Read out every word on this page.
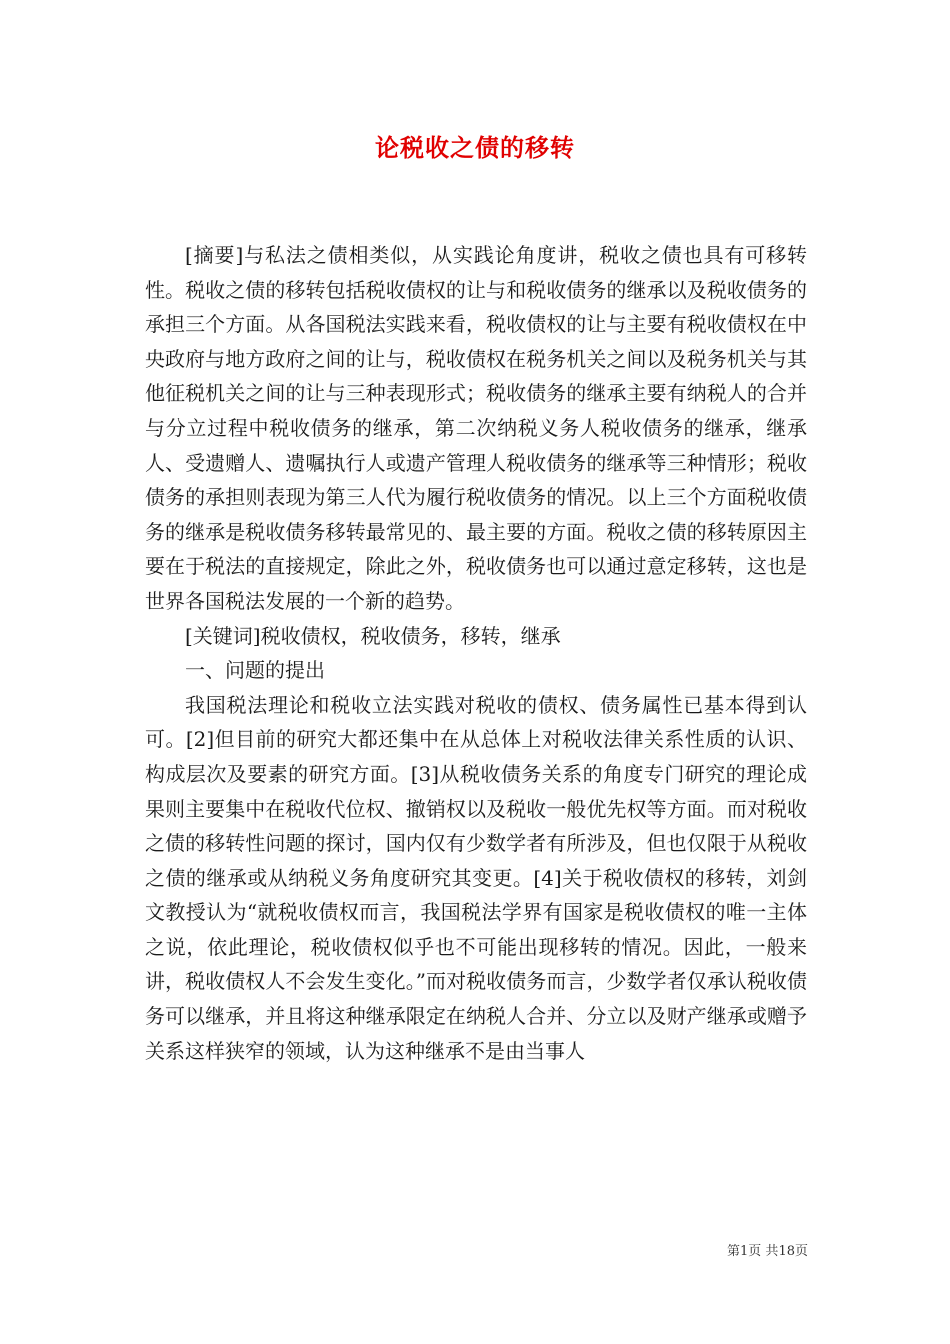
论税收之债的移转

[摘要]与私法之债相类似，从实践论角度讲，税收之债也具有可移转性。税收之债的移转包括税收债权的让与和税收债务的继承以及税收债务的承担三个方面。从各国税法实践来看，税收债权的让与主要有税收债权在中央政府与地方政府之间的让与，税收债权在税务机关之间以及税务机关与其他征税机关之间的让与三种表现形式；税收债务的继承主要有纳税人的合并与分立过程中税收债务的继承，第二次纳税义务人税收债务的继承，继承人、受遗赠人、遗嘱执行人或遗产管理人税收债务的继承等三种情形；税收债务的承担则表现为第三人代为履行税收债务的情况。以上三个方面税收债务的继承是税收债务移转最常见的、最主要的方面。税收之债的移转原因主要在于税法的直接规定，除此之外，税收债务也可以通过意定移转，这也是世界各国税法发展的一个新的趋势。

[关键词]税收债权，税收债务，移转，继承

一、问题的提出

我国税法理论和税收立法实践对税收的债权、债务属性已基本得到认可。[2]但目前的研究大都还集中在从总体上对税收法律关系性质的认识、构成层次及要素的研究方面。[3]从税收债务关系的角度专门研究的理论成果则主要集中在税收代位权、撤销权以及税收一般优先权等方面。而对税收之债的移转性问题的探讨，国内仅有少数学者有所涉及，但也仅限于从税收之债的继承或从纳税义务角度研究其变更。[4]关于税收债权的移转，刘剑文教授认为“就税收债权而言，我国税法学界有国家是税收债权的唯一主体之说，依此理论，税收债权似乎也不可能出现移转的情况。因此，一般来讲，税收债权人不会发生变化。”而对税收债务而言，少数学者仅承认税收债务可以继承，并且将这种继承限定在纳税人合并、分立以及财产继承或赠予关系这样狭窄的领域，认为这种继承不是由当事人

第1页 共18页
